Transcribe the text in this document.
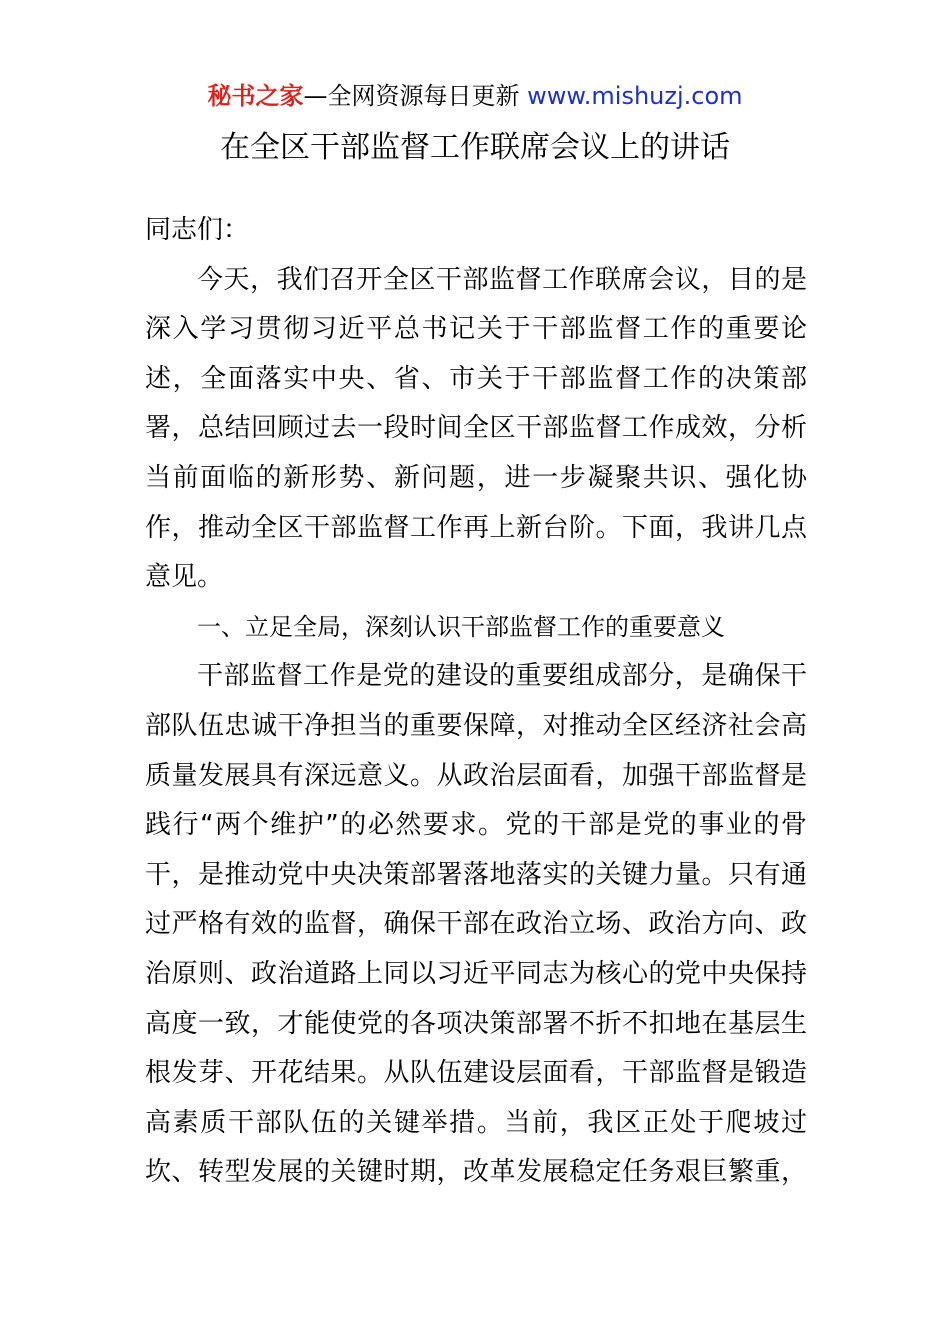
秘书之家—全网资源每日更新 www.mishuzj.com
在全区干部监督工作联席会议上的讲话
同志们：
今天，我们召开全区干部监督工作联席会议，目的是
深入学习贯彻习近平总书记关于干部监督工作的重要论
述，全面落实中央、省、市关于干部监督工作的决策部
署，总结回顾过去一段时间全区干部监督工作成效，分析
当前面临的新形势、新问题，进一步凝聚共识、强化协
作，推动全区干部监督工作再上新台阶。下面，我讲几点
意见。
一、立足全局，深刻认识干部监督工作的重要意义
干部监督工作是党的建设的重要组成部分，是确保干
部队伍忠诚干净担当的重要保障，对推动全区经济社会高
质量发展具有深远意义。从政治层面看，加强干部监督是
践行“两个维护”的必然要求。党的干部是党的事业的骨
干，是推动党中央决策部署落地落实的关键力量。只有通
过严格有效的监督，确保干部在政治立场、政治方向、政
治原则、政治道路上同以习近平同志为核心的党中央保持
高度一致，才能使党的各项决策部署不折不扣地在基层生
根发芽、开花结果。从队伍建设层面看，干部监督是锻造
高素质干部队伍的关键举措。当前，我区正处于爬坡过
坎、转型发展的关键时期，改革发展稳定任务艰巨繁重，
